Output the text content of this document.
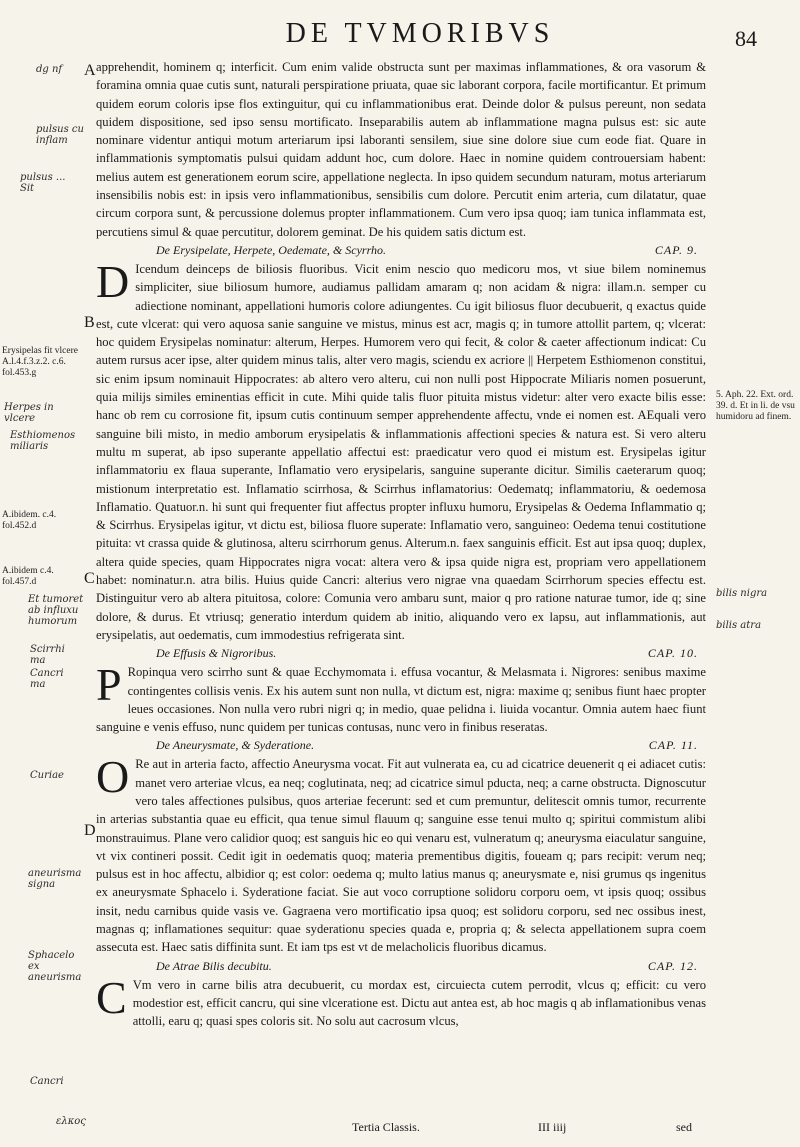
DE TVMORIBVS	84

apprehendit, hominem q; interficit. Cum enim valide obstructa sunt per maximas inflammationes, & ora vasorum & foramina omnia quae cutis sunt, naturali perspiratione priuata, quae sic laborant corpora, facile mortificantur. Et primum quidem eorum coloris ipse flos extinguitur, qui cu inflammationibus erat. Deinde dolor & pulsus pereunt, non sedata quidem dispositione, sed ipso sensu mortificato. Inseparabilis autem ab inflammatione magna pulsus est: sic aute nominare videntur antiqui motum arteriarum ipsi laboranti sensilem, siue sine dolore siue cum eode fiat. Quare in inflammationis symptomatis pulsui quidam addunt hoc, cum dolore. Haec in nomine quidem controuersiam habent: melius autem est generationem eorum scire, appellatione neglecta. In ipso quidem secundum naturam, motus arteriarum insensibilis nobis est: in ipsis vero inflammationibus, sensibilis cum dolore. Percutit enim arteria, cum dilatatur, quae circum corpora sunt, & percussione dolemus propter inflammationem. Cum vero ipsa quoq; iam tunica inflammata est, percutiens simul & quae percutitur, dolorem geminat. De his quidem satis dictum est.

De Erysipelate, Herpete, Oedemate, & Scyrrho.	CAP. 9.

D Icendum deinceps de biliosis fluoribus. Vicit enim nescio quo medicoru mos, vt siue bilem nominemus simpliciter, siue biliosum humore, audiamus pallidam amaram q; non acidam & nigra: illam.n. semper cu adiectione nominant, appellationi humoris colore adiungentes. Cu igit biliosus fluor decubuerit, q exactus quide est, cute vlcerat: qui vero aquosa sanie sanguine ve mistus, minus est acr, magis q; in tumore attollit partem, q; vlcerat: hoc quidem Erysipelas nominatur: alterum, Herpes. Humorem vero qui fecit, & color & caeter affectionum indicat: Cu autem rursus acer ipse, alter quidem minus talis, alter vero magis, sciendu ex acriore || Herpetem Esthiomenon constitui, sic enim ipsum nominauit Hippocrates: ab altero vero alteru, cui non nulli post Hippocrate Miliaris nomen posuerunt, quia milijs similes eminentias efficit in cute. Mihi quide talis fluor pituita mistus videtur: alter vero exacte bilis esse: hanc ob rem cu corrosione fit, ipsum cutis continuum semper apprehendente affectu, vnde ei nomen est. AEquali vero sanguine bili misto, in medio amborum erysipelatis & inflammationis affectioni species & natura est. Si vero alteru multu m superat, ab ipso superante appellatio affectui est: praedicatur vero quod ei mistum est. Erysipelas igitur inflammatoriu ex flaua superante, Inflamatio vero erysipelaris, sanguine superante dicitur. Similis caeterarum quoq; mistionum interpretatio est. Inflamatio scirrhosa, & Scirrhus inflamatorius: Oedematq; inflammatoriu, & oedemosa Inflamatio. Quatuor.n. hi sunt qui frequenter fiut affectus propter influxu humoru, Erysipelas & Oedema Inflammatio q; & Scirrhus. Erysipelas igitur, vt dictu est, biliosa fluore superate: Inflamatio vero, sanguineo: Oedema tenui costitutione pituita: vt crassa quide & glutinosa, alteru scirrhorum genus. Alterum.n. faex sanguinis efficit. Est aut ipsa quoq; duplex, altera quide species, quam Hippocrates nigra vocat: altera vero & ipsa quide nigra est, propriam vero appellationem habet: nominatur.n. atra bilis. Huius quide Cancri: alterius vero nigrae vna quaedam Scirrhorum species effectu est. Distinguitur vero ab altera pituitosa, colore: Comunia vero ambaru sunt, maior q pro ratione naturae tumor, ide q; sine dolore, & durus. Et vtriusq; generatio interdum quidem ab initio, aliquando vero ex lapsu, aut inflammationis, aut erysipelatis, aut oedematis, cum immodestius refrigerata sint.

De Effusis & Nigroribus.	CAP. 10.

P Ropinqua vero scirrho sunt & quae Ecchymomata i. effusa vocantur, & Melasmata i. Nigrores: senibus maxime contingentes collisis venis. Ex his autem sunt non nulla, vt dictum est, nigra: maxime q; senibus fiunt haec propter leues occasiones. Non nulla vero rubri nigri q; in medio, quae pelidna i. liuida vocantur. Omnia autem haec fiunt sanguine e venis effuso, nunc quidem per tunicas contusas, nunc vero in finibus reseratas.

De Aneurysmate, & Syderatione.	CAP. 11.

O Re aut in arteria facto, affectio Aneurysma vocat. Fit aut vulnerata ea, cu ad cicatrice deuenerit q ei adiacet cutis: manet vero arteriae vlcus, ea neq; coglutinata, neq; ad cicatrice simul pducta, neq; a carne obstructa. Dignoscutur vero tales affectiones pulsibus, quos arteriae fecerunt: sed et cum premuntur, delitescit omnis tumor, recurrente in arterias substantia quae eu efficit, qua tenue simul flauum q; sanguine esse tenui multo q; spiritui commistum alibi monstrauimus. Plane vero calidior quoq; est sanguis hic eo qui venaru est, vulneratum q; aneurysma eiaculatur sanguine, vt vix contineri possit. Cedit igit in oedematis quoq; materia prementibus digitis, foueam q; pars recipit: verum neq; pulsus est in hoc affectu, albidior q; est color: oedema q; multo latius manus q; aneurysmate e, nisi grumus qs ingenitus ex aneurysmate Sphacelo i. Syderatione faciat. Sie aut voco corruptione solidoru corporu oem, vt ipsis quoq; ossibus insit, nedu carnibus quide vasis ve. Gagraena vero mortificatio ipsa quoq; est solidoru corporu, sed nec ossibus inest, magnas q; inflamationes sequitur: quae syderationu species quada e, propria q; & selecta appellationem supra coem assecuta est. Haec satis diffinita sunt. Et iam tps est vt de melacholicis fluoribus dicamus.

De Atrae Bilis decubitu.	CAP. 12.

C Vm vero in carne bilis atra decubuerit, cu mordax est, circuiecta cutem perrodit, vlcus q; efficit: cu vero modestior est, efficit cancru, qui sine vlceratione est. Dictu aut antea est, ab hoc magis q ab inflamationibus venas attolli, earu q; quasi spes coloris sit. No solu aut cacrosum vlcus,

A
B
C
D
5. Aph. 22. Ext. ord. 39. d. Et in li. de vsu humidoru ad finem.
A.ibidem. c.4. fol.452.d
A.ibidem c.4. fol.457.d
Erysipelas fit vlcere A.l.4.f.3.z.2. c.6. fol.453.g
dg nf
pulsus cu inflam
pulsus ... Sit
Herpes in vlcere
Esthiomenos miliaris
Et tumoret ab influxu humorum
Scirrhi ma
Cancri ma
Curiae
aneurisma signa
Sphacelo ex aneurisma
Cancri
ελκος
bilis nigra
bilis atra
Tertia Classis.	III iiij	sed
